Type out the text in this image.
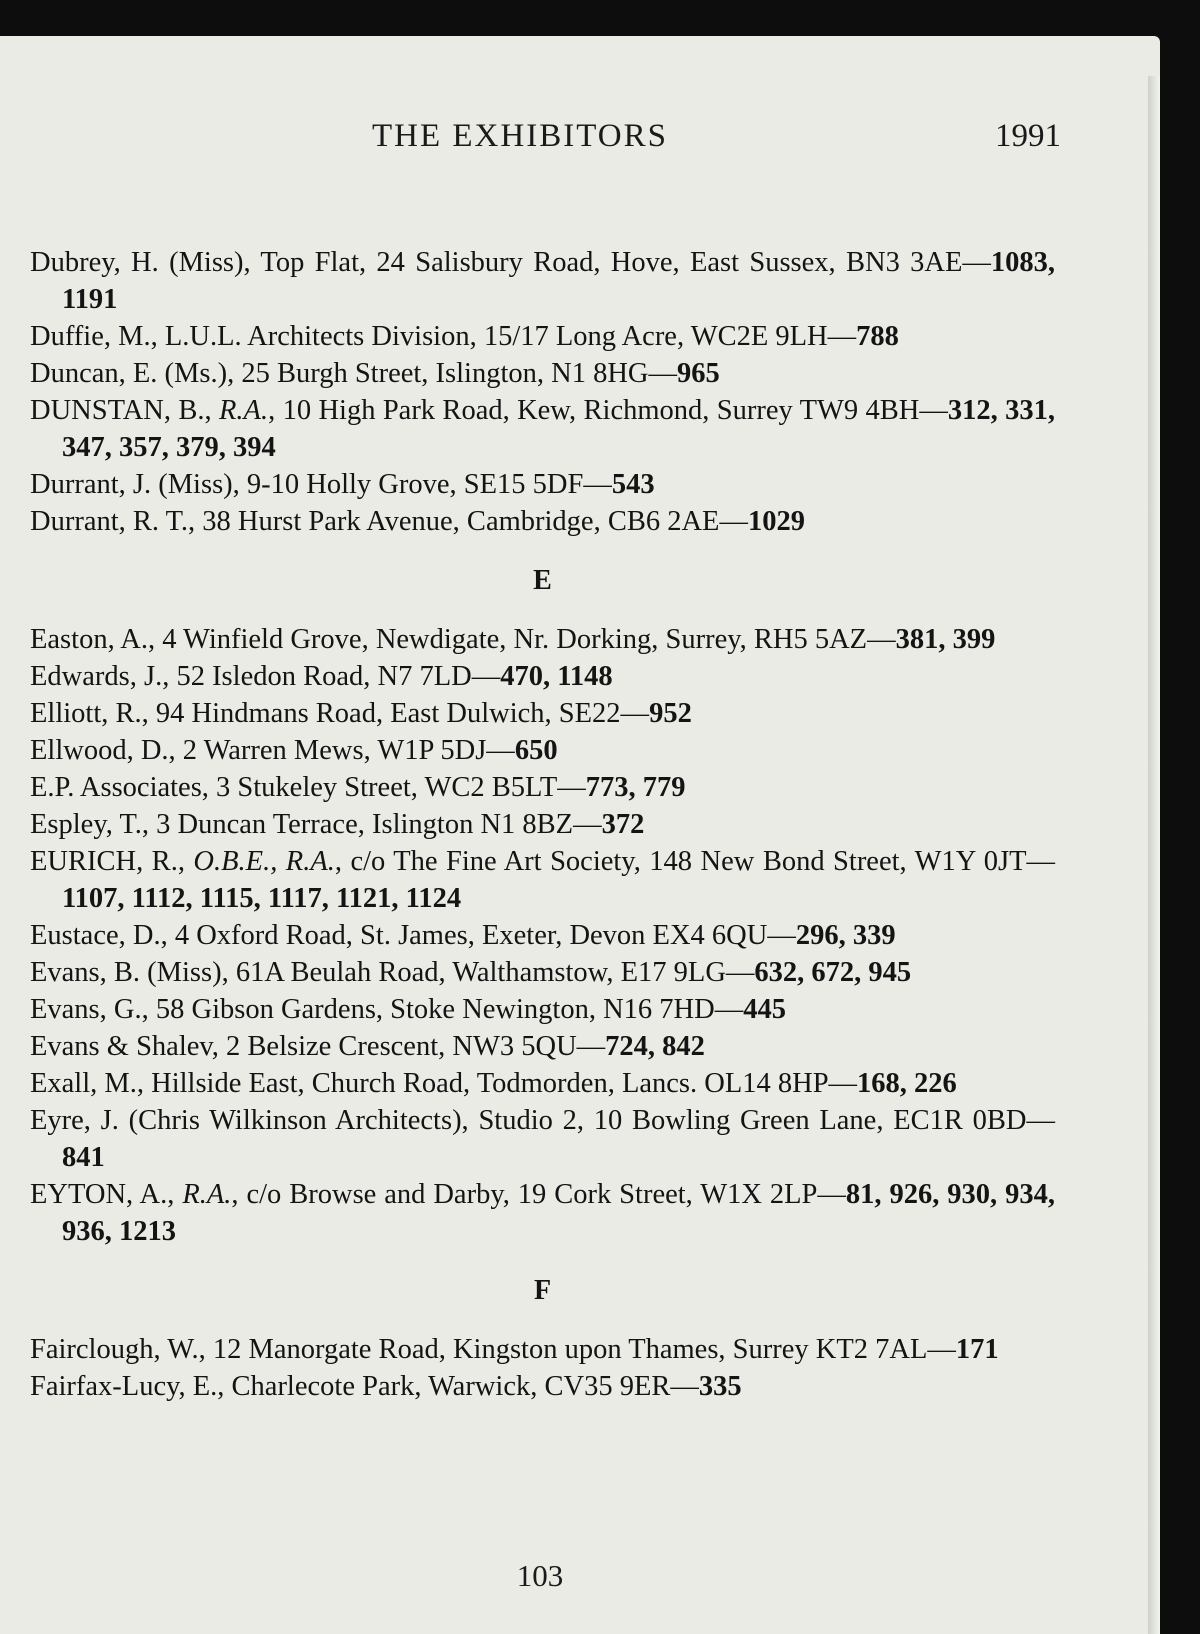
THE EXHIBITORS	1991

Dubrey, H. (Miss), Top Flat, 24 Salisbury Road, Hove, East Sussex, BN3 3AE—1083, 1191

Duffie, M., L.U.L. Architects Division, 15/17 Long Acre, WC2E 9LH—788

Duncan, E. (Ms.), 25 Burgh Street, Islington, N1 8HG—965

DUNSTAN, B., R.A., 10 High Park Road, Kew, Richmond, Surrey TW9 4BH—312, 331, 347, 357, 379, 394

Durrant, J. (Miss), 9-10 Holly Grove, SE15 5DF—543

Durrant, R. T., 38 Hurst Park Avenue, Cambridge, CB6 2AE—1029

E

Easton, A., 4 Winfield Grove, Newdigate, Nr. Dorking, Surrey, RH5 5AZ—381, 399

Edwards, J., 52 Isledon Road, N7 7LD—470, 1148

Elliott, R., 94 Hindmans Road, East Dulwich, SE22—952

Ellwood, D., 2 Warren Mews, W1P 5DJ—650

E.P. Associates, 3 Stukeley Street, WC2 B5LT—773, 779

Espley, T., 3 Duncan Terrace, Islington N1 8BZ—372

EURICH, R., O.B.E., R.A., c/o The Fine Art Society, 148 New Bond Street, W1Y 0JT—1107, 1112, 1115, 1117, 1121, 1124

Eustace, D., 4 Oxford Road, St. James, Exeter, Devon EX4 6QU—296, 339

Evans, B. (Miss), 61A Beulah Road, Walthamstow, E17 9LG—632, 672, 945

Evans, G., 58 Gibson Gardens, Stoke Newington, N16 7HD—445

Evans & Shalev, 2 Belsize Crescent, NW3 5QU—724, 842

Exall, M., Hillside East, Church Road, Todmorden, Lancs. OL14 8HP—168, 226

Eyre, J. (Chris Wilkinson Architects), Studio 2, 10 Bowling Green Lane, EC1R 0BD—841

EYTON, A., R.A., c/o Browse and Darby, 19 Cork Street, W1X 2LP—81, 926, 930, 934, 936, 1213

F

Fairclough, W., 12 Manorgate Road, Kingston upon Thames, Surrey KT2 7AL—171

Fairfax-Lucy, E., Charlecote Park, Warwick, CV35 9ER—335

103
